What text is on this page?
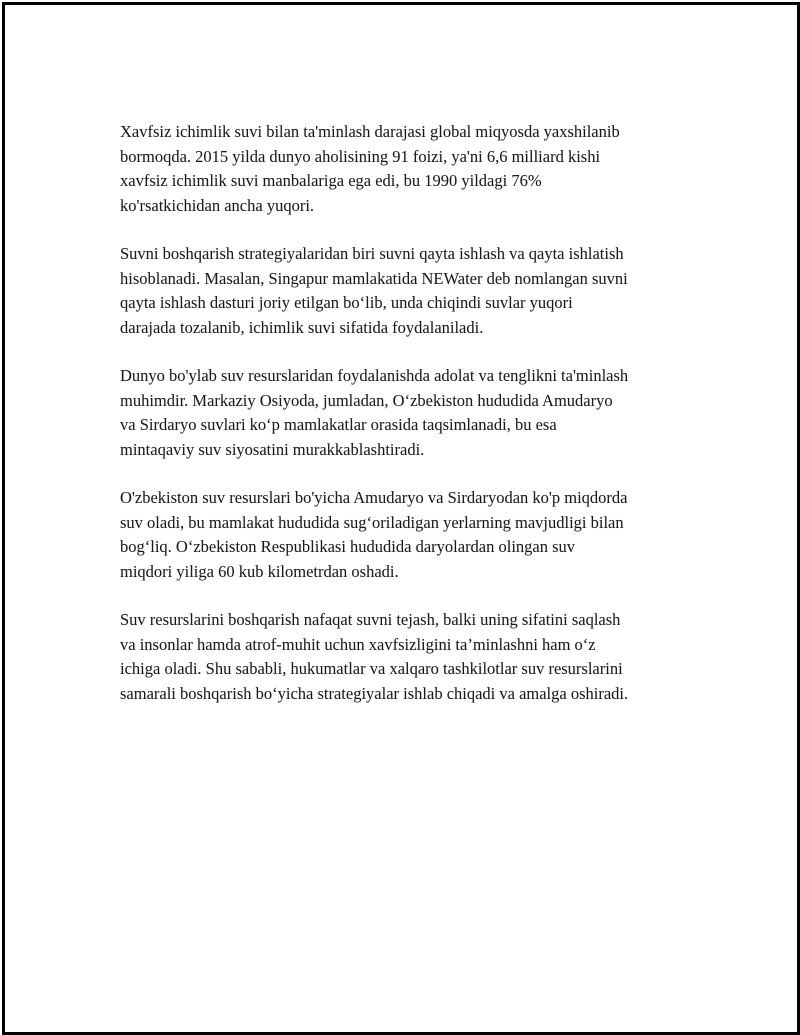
Xavfsiz ichimlik suvi bilan ta'minlash darajasi global miqyosda yaxshilanib
bormoqda. 2015 yilda dunyo aholisining 91 foizi, ya'ni 6,6 milliard kishi
xavfsiz ichimlik suvi manbalariga ega edi, bu 1990 yildagi 76%
ko'rsatkichidan ancha yuqori.

Suvni boshqarish strategiyalaridan biri suvni qayta ishlash va qayta ishlatish
hisoblanadi. Masalan, Singapur mamlakatida NEWater deb nomlangan suvni
qayta ishlash dasturi joriy etilgan bo‘lib, unda chiqindi suvlar yuqori
darajada tozalanib, ichimlik suvi sifatida foydalaniladi.

Dunyo bo'ylab suv resurslaridan foydalanishda adolat va tenglikni ta'minlash
muhimdir. Markaziy Osiyoda, jumladan, O‘zbekiston hududida Amudaryo
va Sirdaryo suvlari ko‘p mamlakatlar orasida taqsimlanadi, bu esa
mintaqaviy suv siyosatini murakkablashtiradi.

O'zbekiston suv resurslari bo'yicha Amudaryo va Sirdaryodan ko'p miqdorda
suv oladi, bu mamlakat hududida sug‘oriladigan yerlarning mavjudligi bilan
bog‘liq. O‘zbekiston Respublikasi hududida daryolardan olingan suv
miqdori yiliga 60 kub kilometrdan oshadi.

Suv resurslarini boshqarish nafaqat suvni tejash, balki uning sifatini saqlash
va insonlar hamda atrof-muhit uchun xavfsizligini ta’minlashni ham o‘z
ichiga oladi. Shu sababli, hukumatlar va xalqaro tashkilotlar suv resurslarini
samarali boshqarish bo‘yicha strategiyalar ishlab chiqadi va amalga oshiradi.
